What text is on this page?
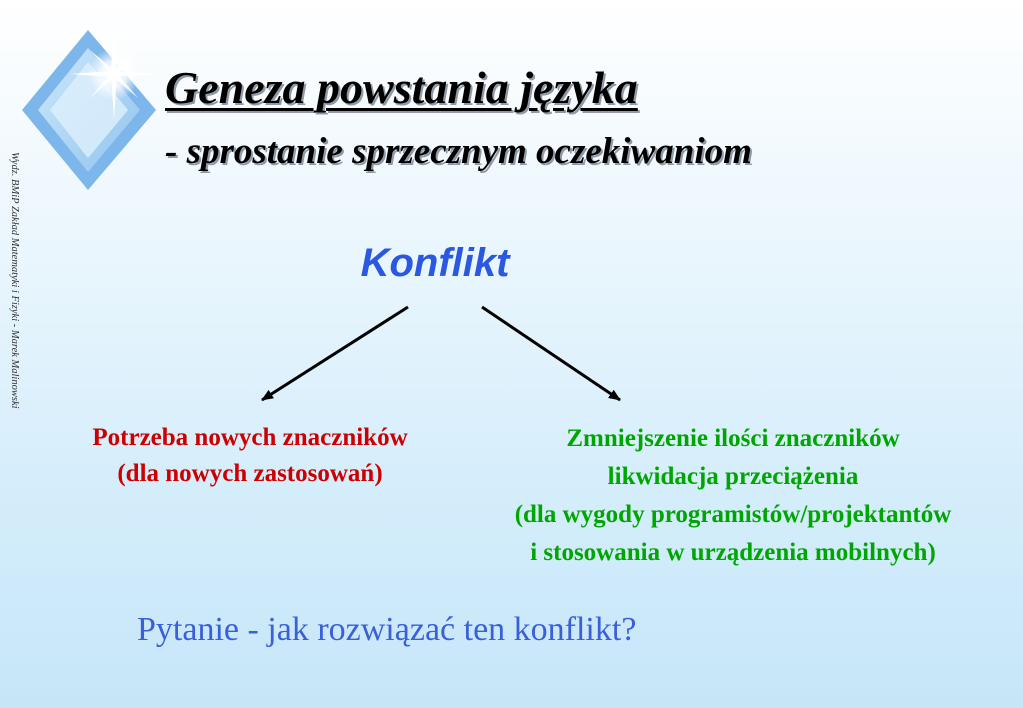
Wydz. BMiP Zakład Matematyki i Fizyki - Marek Malinowski
Geneza powstania języka
- sprostanie sprzecznym oczekiwaniom
Konflikt
Potrzeba nowych znaczników
(dla nowych zastosowań)
Zmniejszenie ilości znaczników
likwidacja przeciążenia
(dla wygody programistów/projektantów
i stosowania w urządzenia mobilnych)
Pytanie - jak rozwiązać ten konflikt?
